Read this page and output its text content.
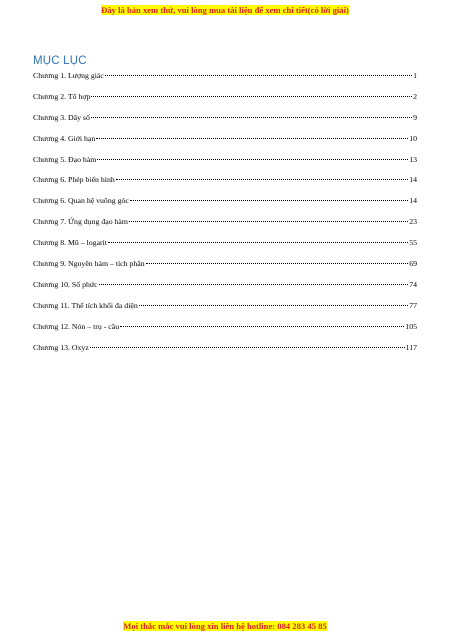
Đây là bản xem thử, vui lòng mua tài liệu để xem chi tiết(có lời giải)
MỤC LỤC
Chương 1. Lượng giác	1
Chương 2. Tổ hợp	2
Chương 3. Dãy số	9
Chương 4. Giới hạn	10
Chương 5. Đạo hàm	13
Chương 6. Phép biến hình	14
Chương 6. Quan hệ vuông góc	14
Chương 7. Ứng dụng đạo hàm	23
Chương 8. Mũ – logarit	55
Chương 9. Nguyên hàm – tích phân	69
Chương 10. Số phức	74
Chương 11. Thể tích khối đa diện	77
Chương 12. Nón – trụ - cầu	105
Chương 13. Oxyz	117
Mọi thắc mắc vui lòng xin liên hệ hotline: 084 283 45 85
